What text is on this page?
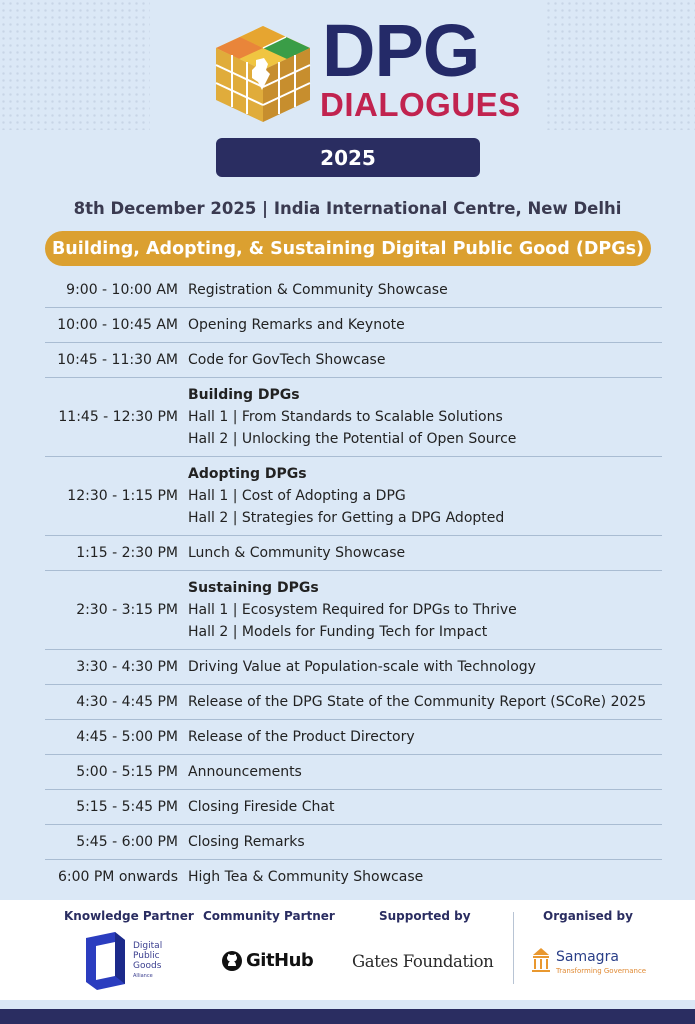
DPG
DIALOGUES
2025
8th December 2025 | India International Centre, New Delhi
Building, Adopting, & Sustaining Digital Public Good (DPGs)
9:00 - 10:00 AM Registration & Community Showcase
10:00 - 10:45 AM Opening Remarks and Keynote
10:45 - 11:30 AM Code for GovTech Showcase
11:45 - 12:30 PM
Building DPGs
Hall 1 | From Standards to Scalable Solutions
Hall 2 | Unlocking the Potential of Open Source
12:30 - 1:15 PM
Adopting DPGs
Hall 1 | Cost of Adopting a DPG
Hall 2 | Strategies for Getting a DPG Adopted
1:15 - 2:30 PM Lunch & Community Showcase
2:30 - 3:15 PM
Sustaining DPGs
Hall 1 | Ecosystem Required for DPGs to Thrive
Hall 2 | Models for Funding Tech for Impact
3:30 - 4:30 PM Driving Value at Population-scale with Technology
4:30 - 4:45 PM Release of the DPG State of the Community Report (SCoRe) 2025
4:45 - 5:00 PM Release of the Product Directory
5:00 - 5:15 PM Announcements
5:15 - 5:45 PM Closing Fireside Chat
5:45 - 6:00 PM Closing Remarks
6:00 PM onwards High Tea & Community Showcase
Knowledge Partner Community Partner	Supported by	Organised by
Digital
Public
Goods
Alliance
GitHub Gates Foundation	Samagra
Transforming Governance
